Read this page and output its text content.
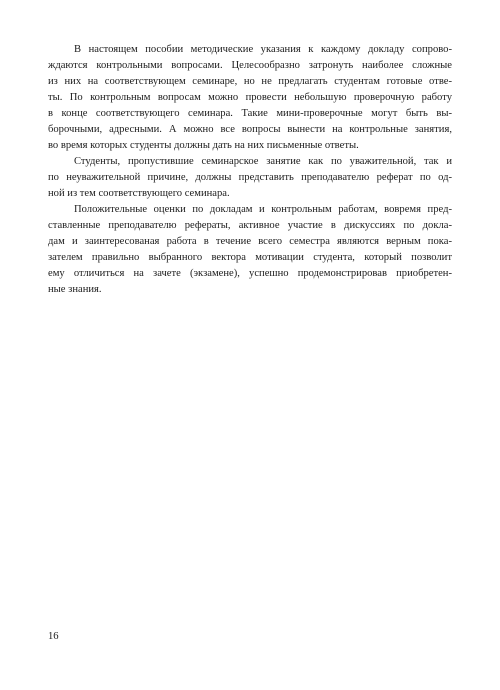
В настоящем пособии методические указания к каждому докладу сопрово-
ждаются контрольными вопросами. Целесообразно затронуть наиболее сложные
из них на соответствующем семинаре, но не предлагать студентам готовые отве-
ты. По контрольным вопросам можно провести небольшую проверочную работу
в конце соответствующего семинара. Такие мини-проверочные могут быть вы-
борочными, адресными. А можно все вопросы вынести на контрольные занятия,
во время которых студенты должны дать на них письменные ответы.
Студенты, пропустившие семинарское занятие как по уважительной, так и
по неуважительной причине, должны представить преподавателю реферат по од-
ной из тем соответствующего семинара.
Положительные оценки по докладам и контрольным работам, вовремя пред-
ставленные преподавателю рефераты, активное участие в дискуссиях по докла-
дам и заинтересованая работа в течение всего семестра являются верным пока-
зателем правильно выбранного вектора мотивации студента, который позволит
ему отличиться на зачете (экзамене), успешно продемонстрировав приобретен-
ные знания.
16
